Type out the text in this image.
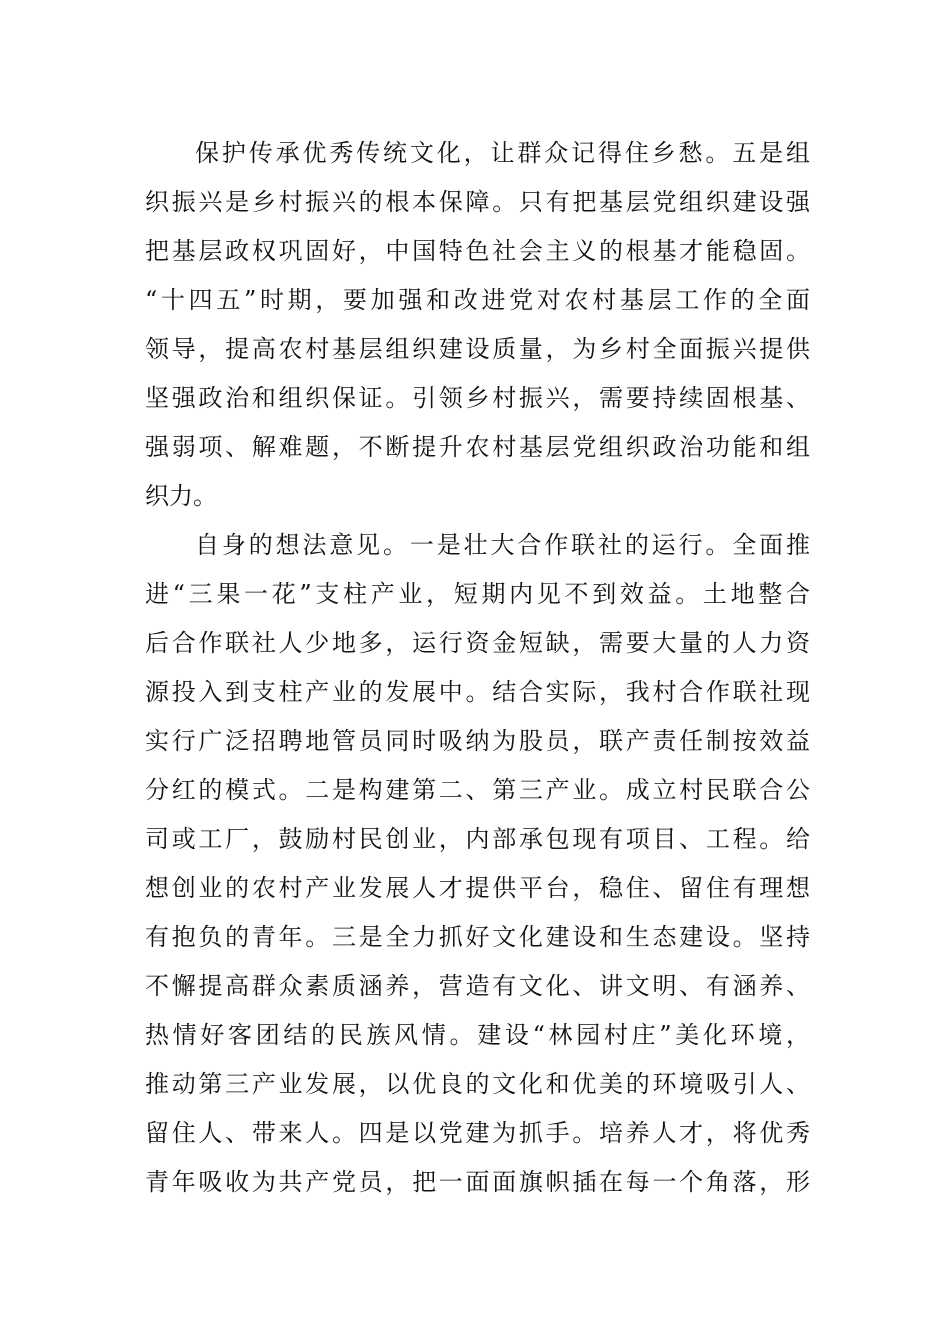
保护传承优秀传统文化，让群众记得住乡愁。五是组
织振兴是乡村振兴的根本保障。只有把基层党组织建设强
把基层政权巩固好，中国特色社会主义的根基才能稳固。
“十四五”时期，要加强和改进党对农村基层工作的全面
领导，提高农村基层组织建设质量，为乡村全面振兴提供
坚强政治和组织保证。引领乡村振兴，需要持续固根基、
强弱项、解难题，不断提升农村基层党组织政治功能和组
织力。
自身的想法意见。一是壮大合作联社的运行。全面推
进“三果一花”支柱产业，短期内见不到效益。土地整合
后合作联社人少地多，运行资金短缺，需要大量的人力资
源投入到支柱产业的发展中。结合实际，我村合作联社现
实行广泛招聘地管员同时吸纳为股员，联产责任制按效益
分红的模式。二是构建第二、第三产业。成立村民联合公
司或工厂，鼓励村民创业，内部承包现有项目、工程。给
想创业的农村产业发展人才提供平台，稳住、留住有理想
有抱负的青年。三是全力抓好文化建设和生态建设。坚持
不懈提高群众素质涵养，营造有文化、讲文明、有涵养、
热情好客团结的民族风情。建设“林园村庄”美化环境，
推动第三产业发展，以优良的文化和优美的环境吸引人、
留住人、带来人。四是以党建为抓手。培养人才，将优秀
青年吸收为共产党员，把一面面旗帜插在每一个角落，形
